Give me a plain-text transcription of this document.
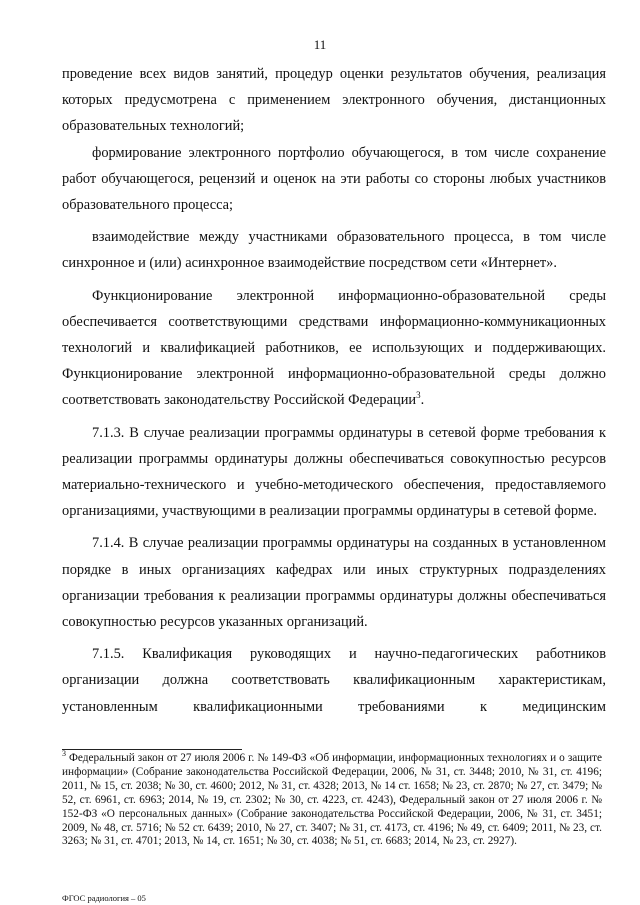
11

проведение всех видов занятий, процедур оценки результатов обучения, реализация которых предусмотрена с применением электронного обучения, дистанционных образовательных технологий;

формирование электронного портфолио обучающегося, в том числе сохранение работ обучающегося, рецензий и оценок на эти работы со стороны любых участников образовательного процесса;

взаимодействие между участниками образовательного процесса, в том числе синхронное и (или) асинхронное взаимодействие посредством сети «Интернет».

Функционирование электронной информационно-образовательной среды обеспечивается соответствующими средствами информационно-коммуникационных технологий и квалификацией работников, ее использующих и поддерживающих. Функционирование электронной информационно-образовательной среды должно соответствовать законодательству Российской Федерации$^3$.

7.1.3. В случае реализации программы ординатуры в сетевой форме требования к реализации программы ординатуры должны обеспечиваться совокупностью ресурсов материально-технического и учебно-методического обеспечения, предоставляемого организациями, участвующими в реализации программы ординатуры в сетевой форме.

7.1.4. В случае реализации программы ординатуры на созданных в установленном порядке в иных организациях кафедрах или иных структурных подразделениях организации требования к реализации программы ординатуры должны обеспечиваться совокупностью ресурсов указанных организаций.

7.1.5. Квалификация руководящих и научно-педагогических работников организации должна соответствовать квалификационным характеристикам, установленным квалификационными требованиями к медицинским

$^3$ Федеральный закон от 27 июля 2006 г. № 149-ФЗ «Об информации, информационных технологиях и о защите информации» (Собрание законодательства Российской Федерации, 2006, № 31, ст. 3448; 2010, № 31, ст. 4196; 2011, № 15, ст. 2038; № 30, ст. 4600; 2012, № 31, ст. 4328; 2013, № 14 ст. 1658; № 23, ст. 2870; № 27, ст. 3479; № 52, ст. 6961, ст. 6963; 2014, № 19, ст. 2302; № 30, ст. 4223, ст. 4243), Федеральный закон от 27 июля 2006 г. № 152-ФЗ «О персональных данных» (Собрание законодательства Российской Федерации, 2006, № 31, ст. 3451; 2009, № 48, ст. 5716; № 52 ст. 6439; 2010, № 27, ст. 3407; № 31, ст. 4173, ст. 4196; № 49, ст. 6409; 2011, № 23, ст. 3263; № 31, ст. 4701; 2013, № 14, ст. 1651; № 30, ст. 4038; № 51, ст. 6683; 2014, № 23, ст. 2927).
ФГОС радиология – 05
